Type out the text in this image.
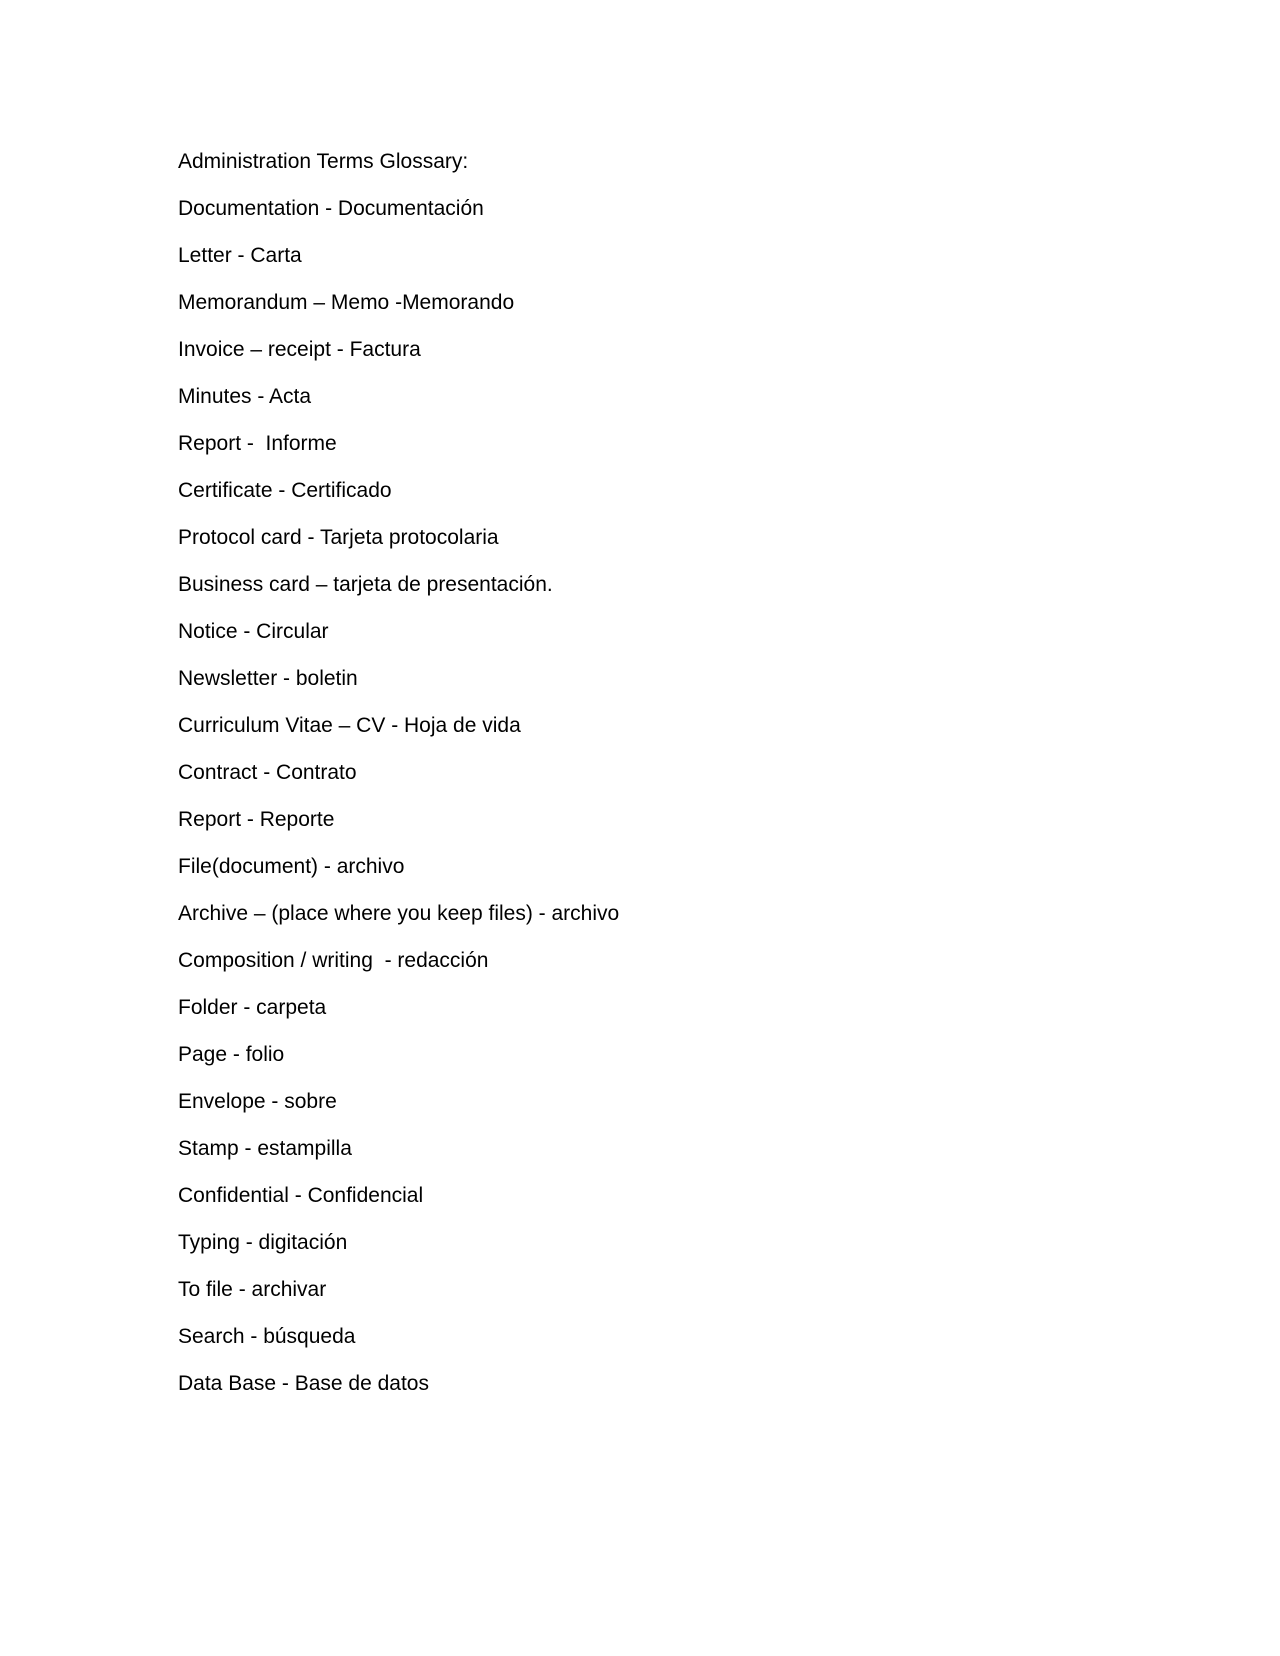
Administration Terms Glossary:

Documentation - Documentación

Letter - Carta

Memorandum – Memo -Memorando

Invoice – receipt - Factura

Minutes - Acta

Report -  Informe

Certificate - Certificado

Protocol card - Tarjeta protocolaria

Business card – tarjeta de presentación.

Notice - Circular

Newsletter - boletin

Curriculum Vitae – CV - Hoja de vida

Contract - Contrato

Report - Reporte

File(document) - archivo

Archive – (place where you keep files) - archivo

Composition / writing  - redacción

Folder - carpeta

Page - folio

Envelope - sobre

Stamp - estampilla

Confidential - Confidencial

Typing - digitación

To file - archivar

Search - búsqueda

Data Base - Base de datos
